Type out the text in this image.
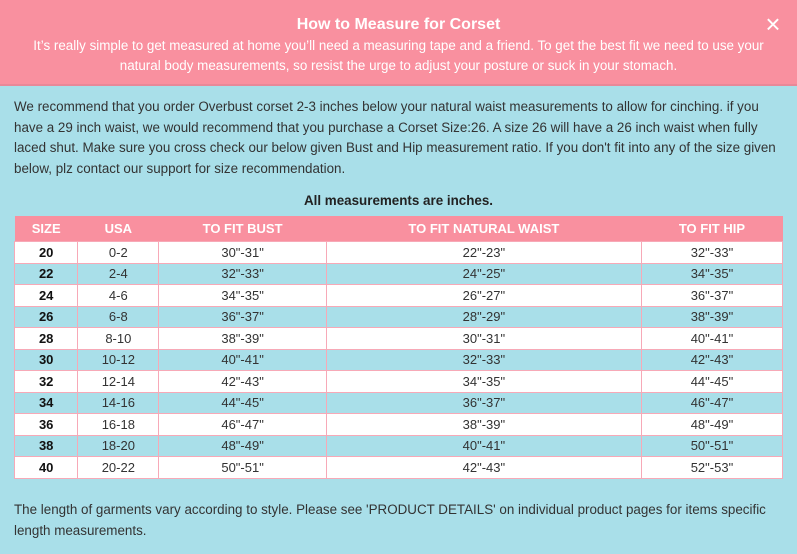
How to Measure for Corset
It’s really simple to get measured at home you’ll need a measuring tape and a friend. To get the best fit we need to use your natural body measurements, so resist the urge to adjust your posture or suck in your stomach.
×
We recommend that you order Overbust corset 2-3 inches below your natural waist measurements to allow for cinching. if you have a 29 inch waist, we would recommend that you purchase a Corset Size:26. A size 26 will have a 26 inch waist when fully laced shut. Make sure you cross check our below given Bust and Hip measurement ratio. If you don't fit into any of the size given below, plz contact our support for size recommendation.
All measurements are inches.
SIZE	USA	TO FIT BUST	TO FIT NATURAL WAIST	TO FIT HIP
20	0-2	30"-31"	22"-23"	32"-33"
22	2-4	32"-33"	24"-25"	34"-35"
24	4-6	34"-35"	26"-27"	36"-37"
26	6-8	36"-37"	28"-29"	38"-39"
28	8-10	38"-39"	30"-31"	40"-41"
30	10-12	40"-41"	32"-33"	42"-43"
32	12-14	42"-43"	34"-35"	44"-45"
34	14-16	44"-45"	36"-37"	46"-47"
36	16-18	46"-47"	38"-39"	48"-49"
38	18-20	48"-49"	40"-41"	50"-51"
40	20-22	50"-51"	42"-43"	52"-53"
The length of garments vary according to style. Please see 'PRODUCT DETAILS' on individual product pages for items specific length measurements.
